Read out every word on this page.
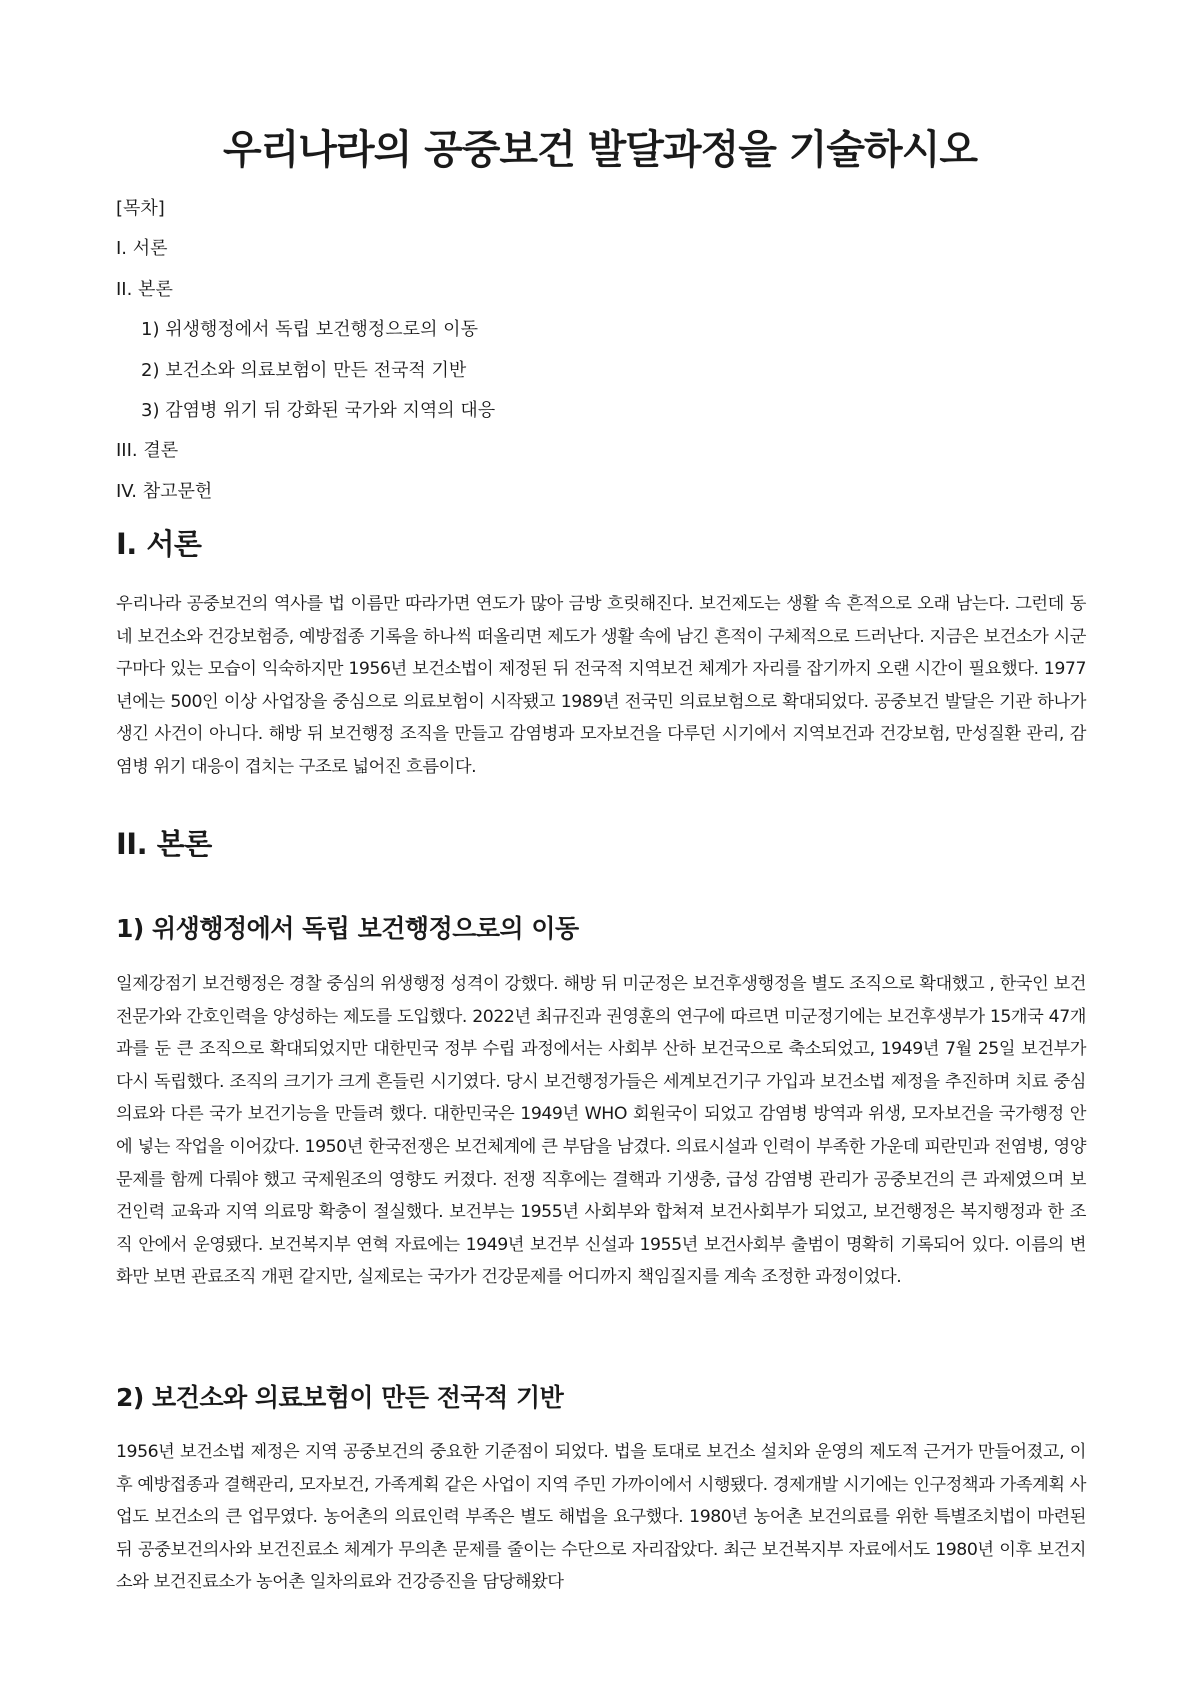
우리나라의 공중보건 발달과정을 기술하시오
[목차]
I. 서론
II. 본론
1) 위생행정에서 독립 보건행정으로의 이동
2) 보건소와 의료보험이 만든 전국적 기반
3) 감염병 위기 뒤 강화된 국가와 지역의 대응
III. 결론
IV. 참고문헌
I. 서론

우리나라 공중보건의 역사를 법 이름만 따라가면 연도가 많아 금방 흐릿해진다. 보건제도는 생활 속 흔적으로 오래 남는다. 그런데 동네 보건소와 건강보험증, 예방접종 기록을 하나씩 떠올리면 제도가 생활 속에 남긴 흔적이 구체적으로 드러난다. 지금은 보건소가 시군구마다 있는 모습이 익숙하지만 1956년 보건소법이 제정된 뒤 전국적 지역보건 체계가 자리를 잡기까지 오랜 시간이 필요했다. 1977년에는 500인 이상 사업장을 중심으로 의료보험이 시작됐고 1989년 전국민 의료보험으로 확대되었다. 공중보건 발달은 기관 하나가 생긴 사건이 아니다. 해방 뒤 보건행정 조직을 만들고 감염병과 모자보건을 다루던 시기에서 지역보건과 건강보험, 만성질환 관리, 감염병 위기 대응이 겹치는 구조로 넓어진 흐름이다.

II. 본론
1) 위생행정에서 독립 보건행정으로의 이동

일제강점기 보건행정은 경찰 중심의 위생행정 성격이 강했다. 해방 뒤 미군정은 보건후생행정을 별도 조직으로 확대했고 , 한국인 보건전문가와 간호인력을 양성하는 제도를 도입했다. 2022년 최규진과 권영훈의 연구에 따르면 미군정기에는 보건후생부가 15개국 47개과를 둔 큰 조직으로 확대되었지만 대한민국 정부 수립 과정에서는 사회부 산하 보건국으로 축소되었고, 1949년 7월 25일 보건부가 다시 독립했다. 조직의 크기가 크게 흔들린 시기였다. 당시 보건행정가들은 세계보건기구 가입과 보건소법 제정을 추진하며 치료 중심 의료와 다른 국가 보건기능을 만들려 했다. 대한민국은 1949년 WHO 회원국이 되었고 감염병 방역과 위생, 모자보건을 국가행정 안에 넣는 작업을 이어갔다. 1950년 한국전쟁은 보건체계에 큰 부담을 남겼다. 의료시설과 인력이 부족한 가운데 피란민과 전염병, 영양문제를 함께 다뤄야 했고 국제원조의 영향도 커졌다. 전쟁 직후에는 결핵과 기생충, 급성 감염병 관리가 공중보건의 큰 과제였으며 보건인력 교육과 지역 의료망 확충이 절실했다. 보건부는 1955년 사회부와 합쳐져 보건사회부가 되었고, 보건행정은 복지행정과 한 조직 안에서 운영됐다. 보건복지부 연혁 자료에는 1949년 보건부 신설과 1955년 보건사회부 출범이 명확히 기록되어 있다. 이름의 변화만 보면 관료조직 개편 같지만, 실제로는 국가가 건강문제를 어디까지 책임질지를 계속 조정한 과정이었다.

2) 보건소와 의료보험이 만든 전국적 기반

1956년 보건소법 제정은 지역 공중보건의 중요한 기준점이 되었다. 법을 토대로 보건소 설치와 운영의 제도적 근거가 만들어졌고, 이후 예방접종과 결핵관리, 모자보건, 가족계획 같은 사업이 지역 주민 가까이에서 시행됐다. 경제개발 시기에는 인구정책과 가족계획 사업도 보건소의 큰 업무였다. 농어촌의 의료인력 부족은 별도 해법을 요구했다. 1980년 농어촌 보건의료를 위한 특별조치법이 마련된 뒤 공중보건의사와 보건진료소 체계가 무의촌 문제를 줄이는 수단으로 자리잡았다. 최근 보건복지부 자료에서도 1980년 이후 보건지소와 보건진료소가 농어촌 일차의료와 건강증진을 담당해왔다
